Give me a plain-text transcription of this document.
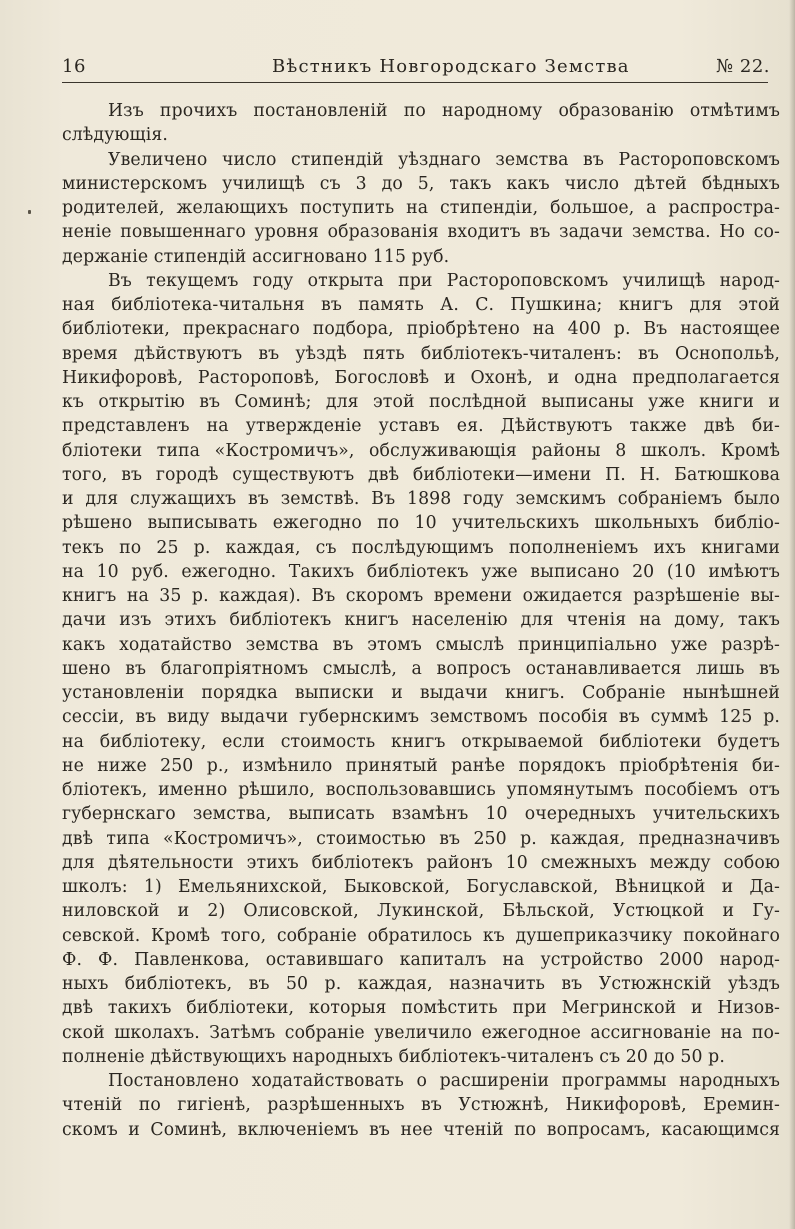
16	Вѣстникъ Новгородскаго Земства	№ 22.
Изъ прочихъ постановленій по народному образованію отмѣтимъ
слѣдующія.
Увеличено число стипендій уѣзднаго земства въ Растороповскомъ
министерскомъ училищѣ съ 3 до 5, такъ какъ число дѣтей бѣдныхъ
родителей, желающихъ поступить на стипендіи, большое, а распростра-
неніе повышеннаго уровня образованія входитъ въ задачи земства. Но со-
держаніе стипендій ассигновано 115 руб.
Въ текущемъ году открыта при Растороповскомъ училищѣ народ-
ная библіотека-читальня въ память А. С. Пушкина; книгъ для этой
библіотеки, прекраснаго подбора, пріобрѣтено на 400 р. Въ настоящее
время дѣйствуютъ въ уѣздѣ пять библіотекъ-читаленъ: въ Оснопольѣ,
Никифоровѣ, Растороповѣ, Богословѣ и Охонѣ, и одна предполагается
къ открытію въ Соминѣ; для этой послѣдной выписаны уже книги и
представленъ на утвержденіе уставъ ея. Дѣйствуютъ также двѣ би-
бліотеки типа «Костромичъ», обслуживающія районы 8 школъ. Кромѣ
того, въ городѣ существуютъ двѣ библіотеки—имени П. Н. Батюшкова
и для служащихъ въ земствѣ. Въ 1898 году земскимъ собраніемъ было
рѣшено выписывать ежегодно по 10 учительскихъ школьныхъ библіо-
текъ по 25 р. каждая, съ послѣдующимъ пополненіемъ ихъ книгами
на 10 руб. ежегодно. Такихъ библіотекъ уже выписано 20 (10 имѣютъ
книгъ на 35 р. каждая). Въ скоромъ времени ожидается разрѣшеніе вы-
дачи изъ этихъ библіотекъ книгъ населенію для чтенія на дому, такъ
какъ ходатайство земства въ этомъ смыслѣ принципіально уже разрѣ-
шено въ благопріятномъ смыслѣ, а вопросъ останавливается лишь въ
установленіи порядка выписки и выдачи книгъ. Собраніе нынѣшней
сессіи, въ виду выдачи губернскимъ земствомъ пособія въ суммѣ 125 р.
на библіотеку, если стоимость книгъ открываемой библіотеки будетъ
не ниже 250 р., измѣнило принятый ранѣе порядокъ пріобрѣтенія би-
бліотекъ, именно рѣшило, воспользовавшись упомянутымъ пособіемъ отъ
губернскаго земства, выписать взамѣнъ 10 очередныхъ учительскихъ
двѣ типа «Костромичъ», стоимостью въ 250 р. каждая, предназначивъ
для дѣятельности этихъ библіотекъ районъ 10 смежныхъ между собою
школъ: 1) Емельяниxской, Быковской, Богуславской, Вѣницкой и Да-
ниловской и 2) Олисовской, Лукинской, Бѣльской, Устюцкой и Гу-
севской. Кромѣ того, собраніе обратилось къ душеприказчику покойнаго
Ф. Ф. Павленкова, оставившаго капиталъ на устройство 2000 народ-
ныхъ библіотекъ, въ 50 р. каждая, назначить въ Устюжнскій уѣздъ
двѣ такихъ библіотеки, которыя помѣстить при Мегринской и Низов-
ской школахъ. Затѣмъ собраніе увеличило ежегодное ассигнованіе на по-
полненіе дѣйствующихъ народныхъ библіотекъ-читаленъ съ 20 до 50 р.
Постановлено ходатайствовать о расширеніи программы народныхъ
чтеній по гигіенѣ, разрѣшенныхъ въ Устюжнѣ, Никифоровѣ, Еремин-
скомъ и Соминѣ, включеніемъ въ нее чтеній по вопросамъ, касающимся
